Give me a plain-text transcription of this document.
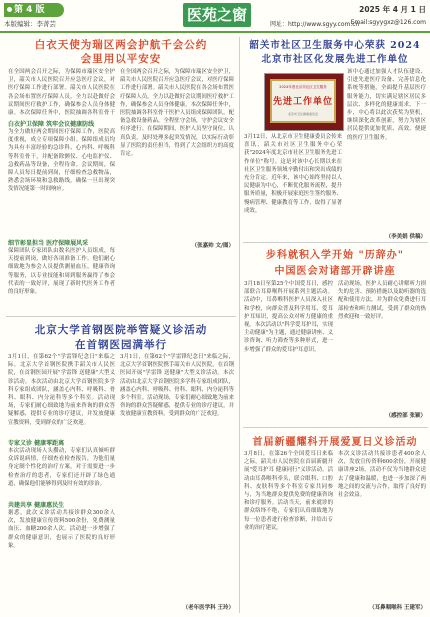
第 4 版
本版编辑：李菁芸	医苑之窗	2025 年 4 月 1 日
网址：http://www.sgyy.com.cn
Email:sgyygxz@126.com
白衣天使为瑞区两会护航千会公约
会里用以平安安
在全国两会召开之际，为保障市瑞区安全护卫，韶关市人民医院召开应急医疗会议，对医疗保障工作进行部署。韶关市人民医院在各会场布置医疗保障人员，全力以赴做好会议期间医疗救护工作，确保参会人员身体健康。本次保障任务中，医院抽调各科室骨干
白衣护卫保障 筑牢会议健康防线
为全力做好两会期间医疗保障工作，医院高度重视，成立专项保障小组。保障组成员均为具有丰富经验的急诊科、心内科、呼吸科等科室骨干，并配备除颤仪、心电监护仪、急救药品等设备，全程待命。会议期间，保障人员每日提前到岗，仔细检查急救物品，熟悉会场环境和急救路线，确保一旦出现突发情况能第一时间响应。
细节彰显担当 医疗保障展风采
保障团队专家团队由数名医护人员组成，每天提前到岗，做好各项准备工作。他们耐心细致地为参会人员提供测量血压、健康咨询等服务，以专业技能和周到服务赢得了参会代表的一致好评，展现了新时代医务工作者的良好形象。
在全国两会召开之际，为保障市瑞区安全护卫，韶关市人民医院召开应急医疗会议，对医疗保障工作进行部署。韶关市人民医院在各会场布置医疗保障人员，全力以赴做好会议期间医疗救护工作，确保参会人员身体健康。本次保障任务中，医院抽调各科室骨干医护人员组成保障团队，配备急救设备药品，全程驻守会场，守护会议安全有序进行。在保障期间，医护人员坚守岗位、认真负责，及时处理多起突发情况，以实际行动彰显了医院的责任担当，得到了大会组织方的高度肯定。
（张嘉帅 文/图）
北京大学首钢医院举管疑义诊活动
在首钢医园满举行
3月1日，在第62个"学雷锋纪念日"来临之际，北京大学首钢医院携手韶关市人民医院，在首钢医园开展"学雷锋 送健康"大型义诊活动。本次活动由北京大学首钢医院多学科专家组成团队，涵盖心内科、呼吸科、骨科、眼科、内分泌科等多个科室。活动现场，专家们耐心细致地为前来咨询的群众答疑解惑，提供专业的诊疗建议，并发放健康宣教资料，受到群众的广泛欢迎。
专家义诊 健康零距离
本次活动现场人头攒动，专家们认真倾听群众诉说病情，仔细查看检查报告，为他们量身定制个性化的治疗方案。对于需要进一步检查治疗的患者，专家们还开辟了绿色通道，确保他们能够得到及时有效的诊治。
共建共享 健康惠民生
据悉，此次义诊活动共接诊群众300余人次，发放健康宣传资料500余份，免费测量血压、血糖200余人次。活动进一步增强了群众的健康意识，也展示了医院的良好形象。
3月1日，在第62个"学雷锋纪念日"来临之际，北京大学首钢医院携手韶关市人民医院，在首钢医园开展"学雷锋 送健康"大型义诊活动。本次活动由北京大学首钢医院多学科专家组成团队，涵盖心内科、呼吸科、骨科、眼科、内分泌科等多个科室。活动现场，专家们耐心细致地为前来咨询的群众答疑解惑，提供专业的诊疗建议，并发放健康宣教资料，受到群众的广泛欢迎。
（老年医学科 王玲）
韶关市社区卫生服务中心荣获 2024
北京市社区化发展先进工作单位
2024年度北京市社区卫生服务
先进工作单位
北京市卫生健康委员会
3月12日，从北京市卫生健康委员会传来喜讯，韶关市社区卫生服务中心荣获"2024年度北京市社区卫生服务先进工作单位"称号。这是对该中心长期以来在社区卫生服务领域辛勤付出和突出成绩的充分肯定。近年来，该中心始终坚持以人民健康为中心，不断优化服务流程，提升服务质量，积极开展家庭医生签约服务、慢病管理、健康教育等工作，取得了显著成效。
该中心通过加强人才队伍建设、引进先进医疗设备、完善信息化系统等措施，全面提升基层医疗服务能力，切实满足辖区居民多层次、多样化的健康需求。下一步，中心将以此次获奖为契机，继续深化改革创新，努力为辖区居民提供更加优质、高效、便捷的医疗卫生服务。
（李美娟 供稿）
步科就积入学开始 "历辞办"
中国医会对诸部开辟讲座
3月18日至第25个中国爱耳日，感控部联合耳鼻喉科开展系列主题活动。活动中，耳鼻喉科医护人员深入社区和学校，向群众普及科学用耳、爱耳护耳知识，提高公众对听力健康的重视。本次活动以"科学爱耳护耳，实现主动健康"为主题，通过健康讲座、义诊咨询、听力筛查等多种形式，进一步增强了群众的爱耳护耳意识。
活动现场，医护人员耐心讲解听力损失的危害、预防措施以及助听器的选配和使用方法，并为群众免费进行耳部检查和听力测试，受到了群众的热烈欢迎和一致好评。
（感控部 张颖）
首届新疆耀科开展爱夏日义诊活动
3月8日，在第26个全国爱耳日来临之际，韶关市人民医院在首届新疆开展"爱耳护耳 健康同行"义诊活动。活动由耳鼻喉科牵头，联合眼科、口腔科、皮肤科等多个科室专家共同参与，为当地群众提供免费的健康咨询和诊疗服务。活动当天，前来就诊的群众络绎不绝，专家们认真细致地为每一位患者进行检查诊断，并给出专业的治疗建议。
本次义诊活动共接诊患者400余人次，发放宣传资料600余份，开展健康讲座2场。活动不仅为当地群众送去了健康和温暖，也进一步加深了两地之间的交流与合作，取得了良好的社会效益。
（耳鼻咽喉科 王建军）
